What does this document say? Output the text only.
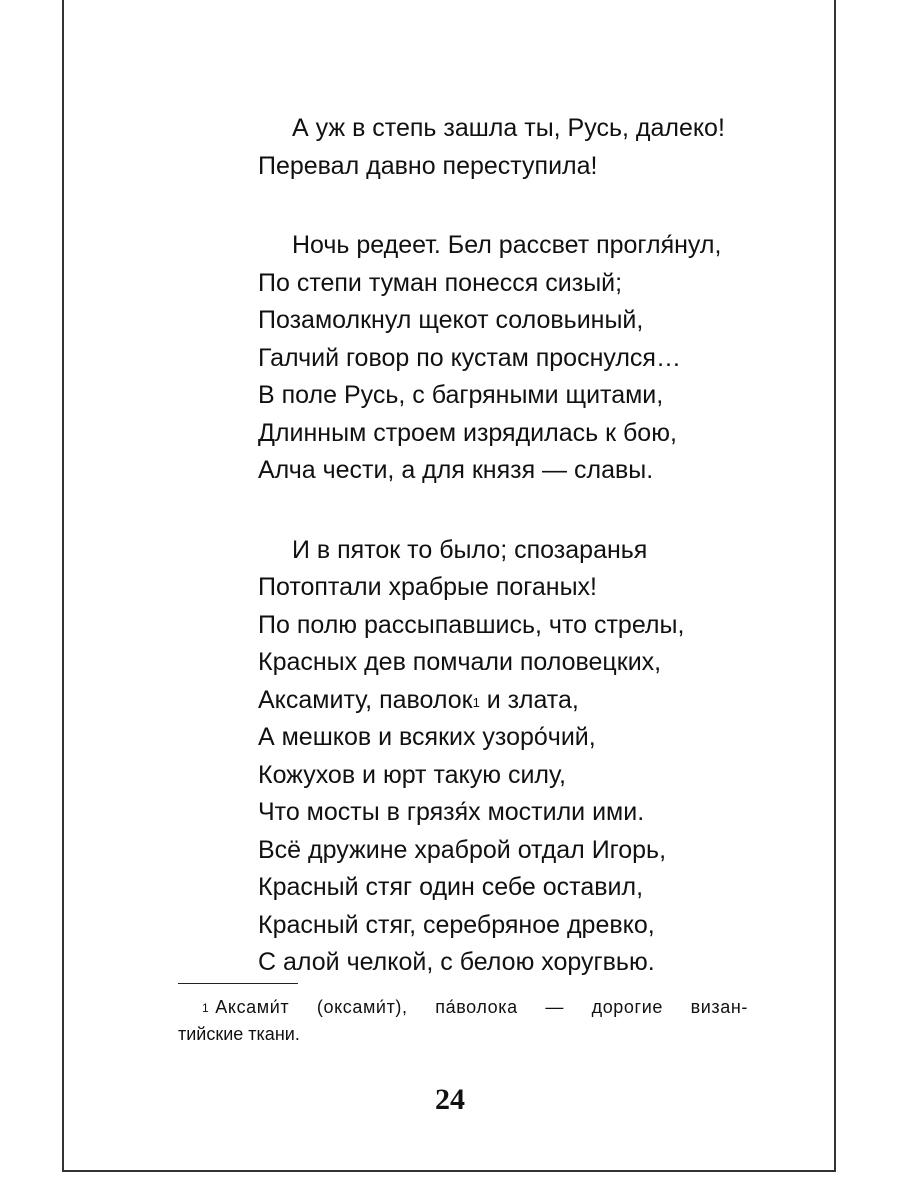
А уж в степь зашла ты, Русь, далеко!
Перевал давно переступила!
Ночь редеет. Бел рассвет прогля́нул,
По степи туман понесся сизый;
Позамолкнул щекот соловьиный,
Галчий говор по кустам проснулся…
В поле Русь, с багряными щитами,
Длинным строем изрядилась к бою,
Алча чести, а для князя — славы.
И в пяток то было; спозаранья
Потоптали храбрые поганых!
По полю рассыпавшись, что стрелы,
Красных дев помчали половецких,
Аксамиту, паволок$^1$ и злата,
А мешков и всяких узоро́чий,
Кожухов и юрт такую силу,
Что мосты в грязя́х мостили ими.
Всё дружине храброй отдал Игорь,
Красный стяг один себе оставил,
Красный стяг, серебряное древко,
С алой челкой, с белою хоругвью.
$^1$ Аксами́т (оксами́т), па́волока — дорогие визан-
тийские ткани.
24
